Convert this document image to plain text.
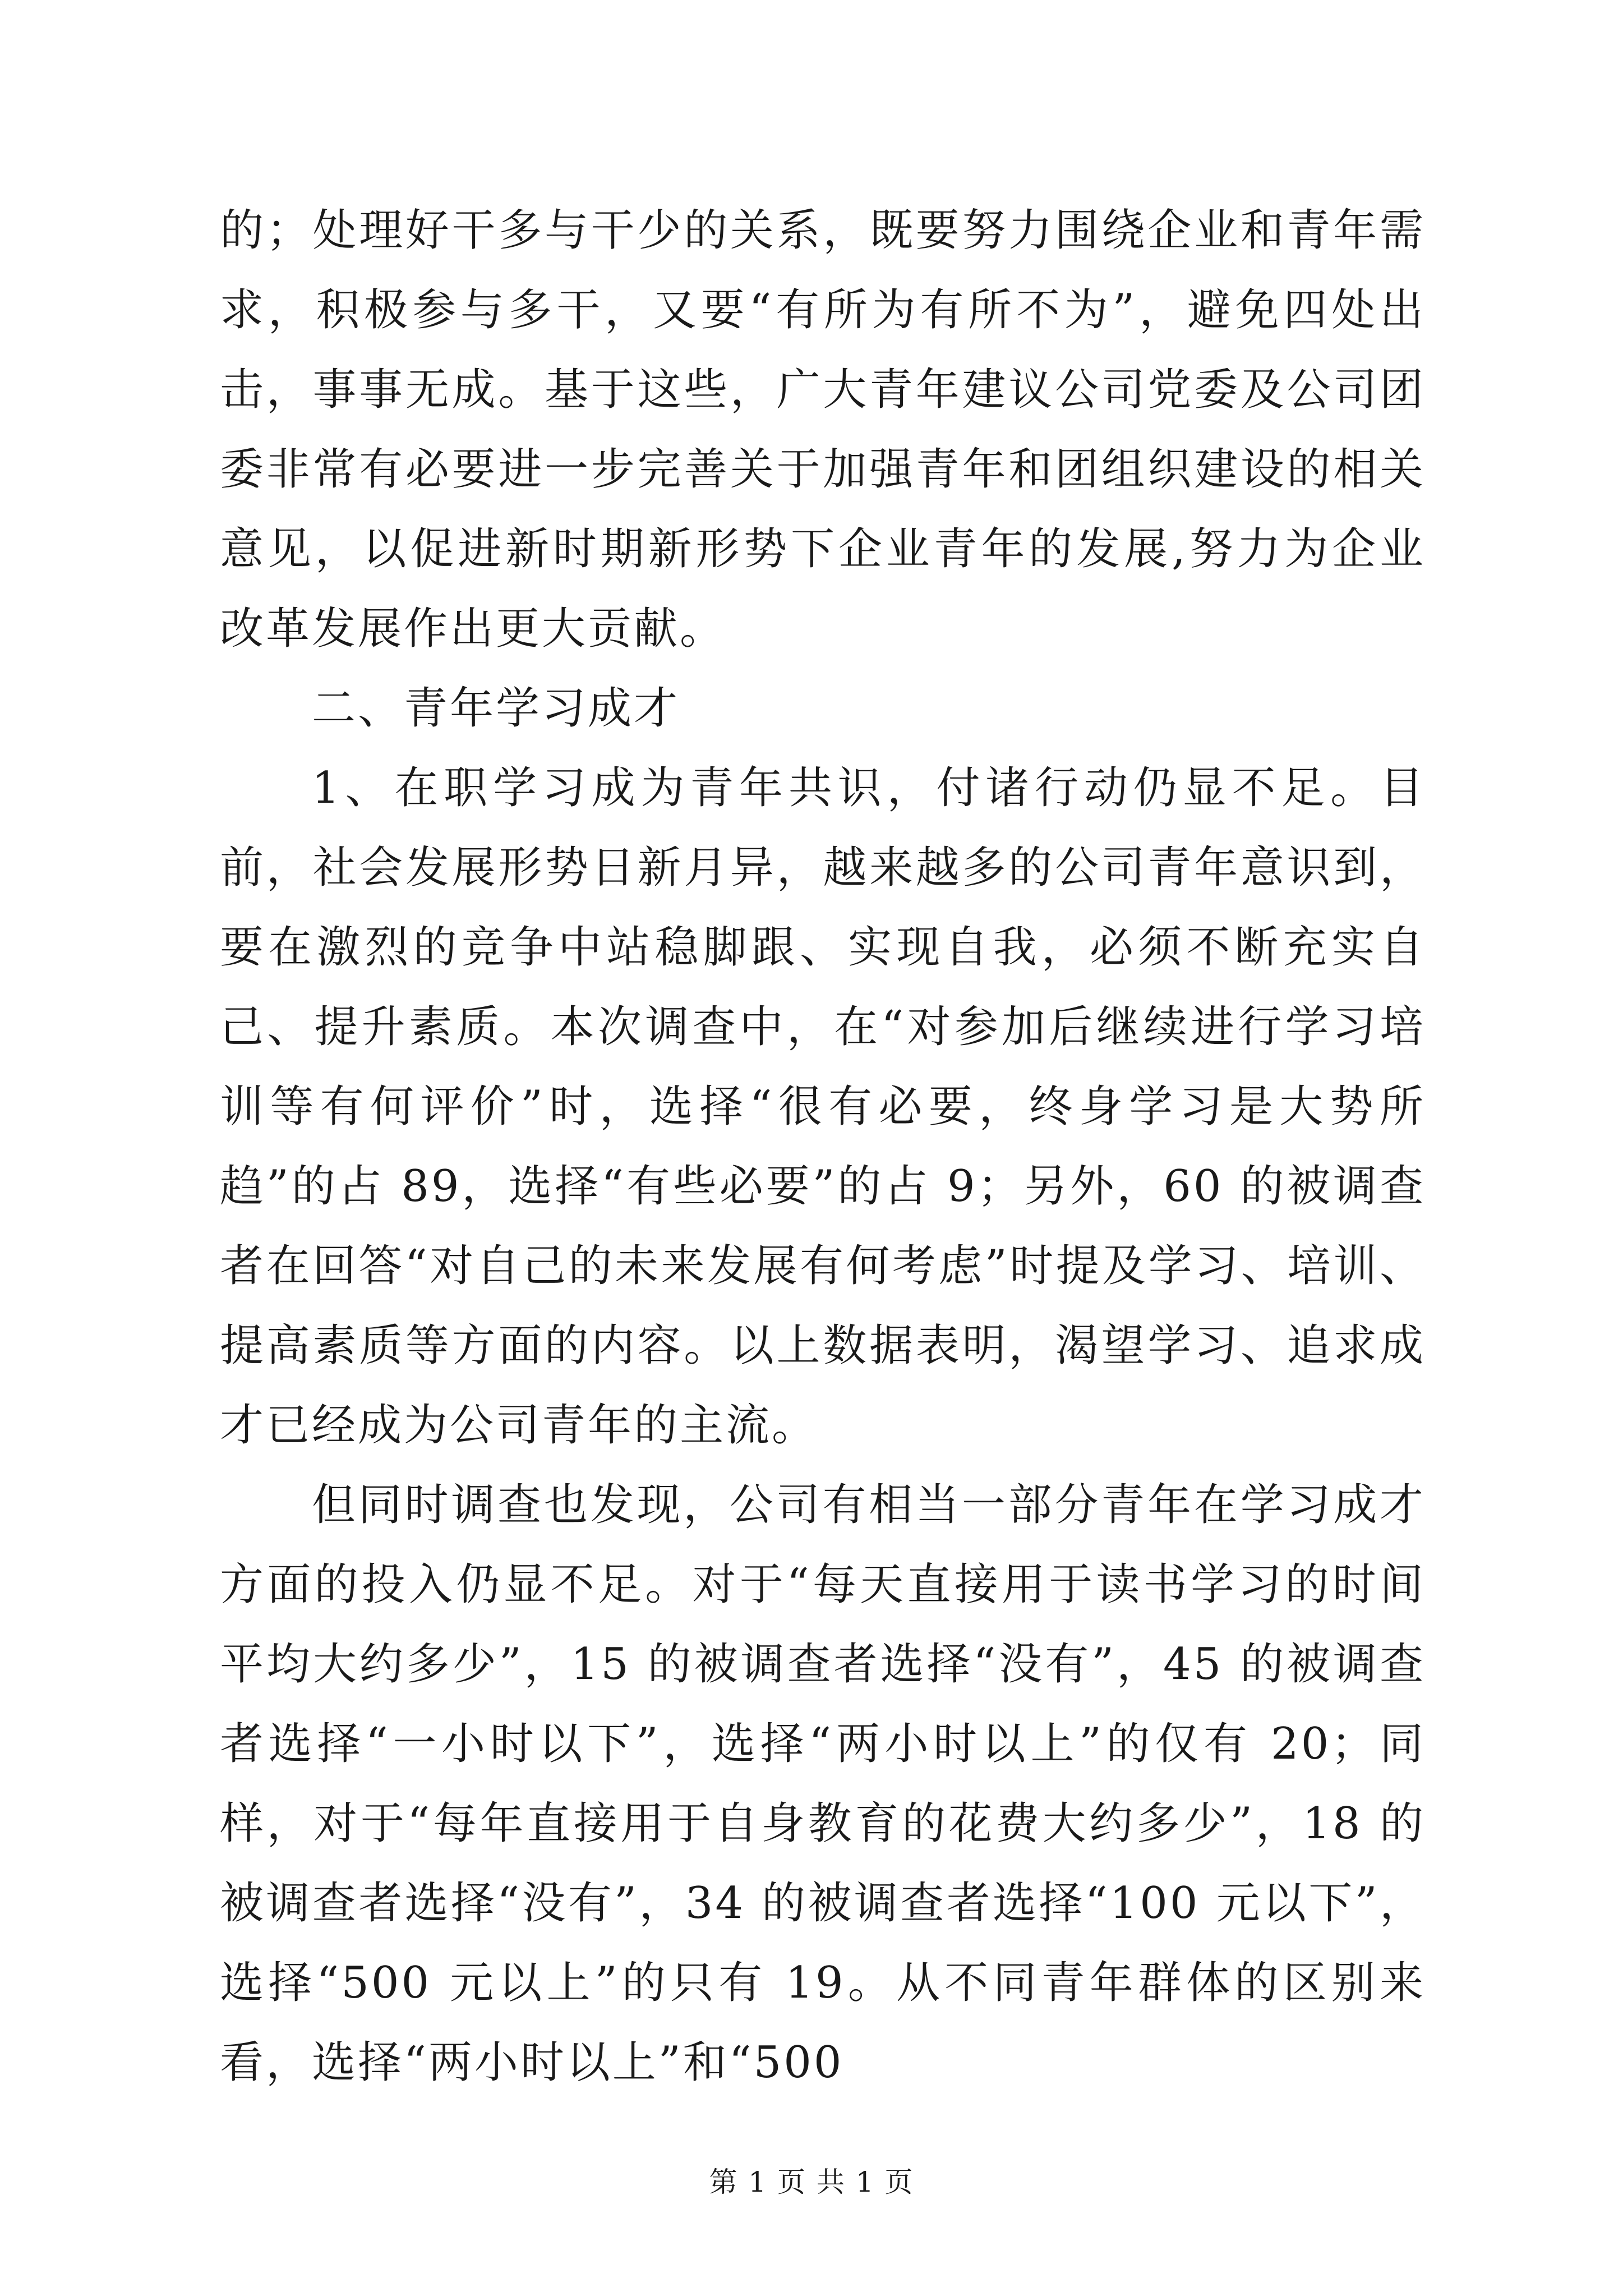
的；处理好干多与干少的关系，既要努力围绕企业和青年需求，积极参与多干，又要“有所为有所不为”，避免四处出击，事事无成。基于这些，广大青年建议公司党委及公司团委非常有必要进一步完善关于加强青年和团组织建设的相关意见，以促进新时期新形势下企业青年的发展,努力为企业改革发展作出更大贡献。

二、青年学习成才

1、在职学习成为青年共识，付诸行动仍显不足。目前，社会发展形势日新月异，越来越多的公司青年意识到，要在激烈的竞争中站稳脚跟、实现自我，必须不断充实自己、提升素质。本次调查中，在“对参加后继续进行学习培训等有何评价”时，选择“很有必要，终身学习是大势所趋”的占 89，选择“有些必要”的占 9；另外，60 的被调查者在回答“对自己的未来发展有何考虑”时提及学习、培训、提高素质等方面的内容。以上数据表明，渴望学习、追求成才已经成为公司青年的主流。

但同时调查也发现，公司有相当一部分青年在学习成才方面的投入仍显不足。对于“每天直接用于读书学习的时间平均大约多少”，15 的被调查者选择“没有”，45 的被调查者选择“一小时以下”，选择“两小时以上”的仅有 20；同样，对于“每年直接用于自身教育的花费大约多少”，18 的被调查者选择“没有”，34 的被调查者选择“100 元以下”，选择“500 元以上”的只有 19。从不同青年群体的区别来看，选择“两小时以上”和“500

第 1 页 共 1 页
